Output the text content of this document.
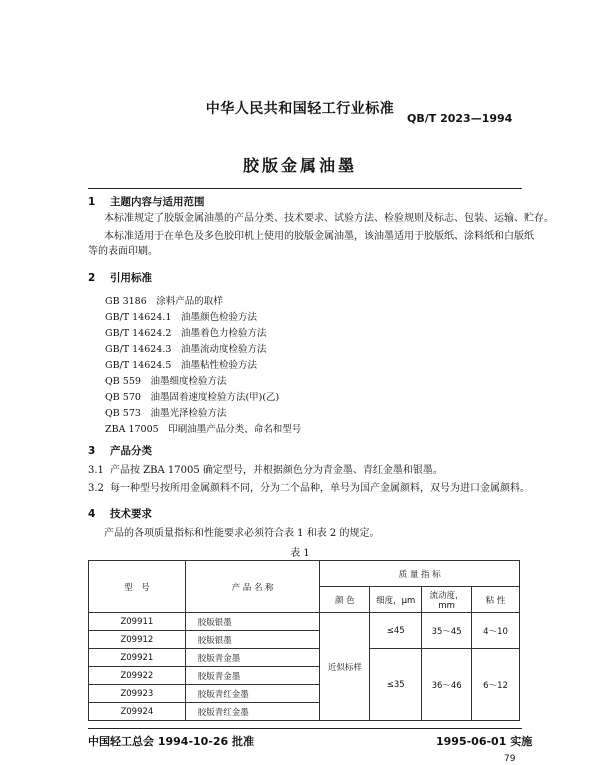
中华人民共和国轻工行业标准
QB/T 2023—1994
胶版金属油墨
1 主题内容与适用范围
本标准规定了胶版金属油墨的产品分类、技术要求、试验方法、检验规则及标志、包装、运输、贮存。
本标准适用于在单色及多色胶印机上使用的胶版金属油墨，该油墨适用于胶版纸、涂料纸和白版纸
等的表面印刷。
2 引用标准
GB 3186　 涂料产品的取样
GB/T 14624.1　 油墨颜色检验方法
GB/T 14624.2　 油墨着色力检验方法
GB/T 14624.3　 油墨流动度检验方法
GB/T 14624.5　 油墨粘性检验方法
QB 559　 油墨细度检验方法
QB 570　 油墨固着速度检验方法(甲)(乙)
QB 573　 油墨光泽检验方法
ZBA 17005　 印刷油墨产品分类、命名和型号
3 产品分类
3.1 产品按 ZBA 17005 确定型号，并根据颜色分为青金墨、青红金墨和银墨。
3.2 每一种型号按所用金属颜料不同，分为二个品种，单号为国产金属颜料，双号为进口金属颜料。
4 技术要求
产品的各项质量指标和性能要求必须符合表 1 和表 2 的规定。
表 1
型　号	产 品 名 称	质 量 指 标			
		颜 色	细度，μm	流动度，mm	粘 性
Z09911	胶版银墨	近似标样	≤45	35～45	4～10
Z09912	胶版银墨				
Z09921	胶版青金墨		≤35	36～46	6～12
Z09922	胶版青金墨				
Z09923	胶版青红金墨				
Z09924	胶版青红金墨				
中国轻工总会 1994-10-26 批准	1995-06-01 实施
79
